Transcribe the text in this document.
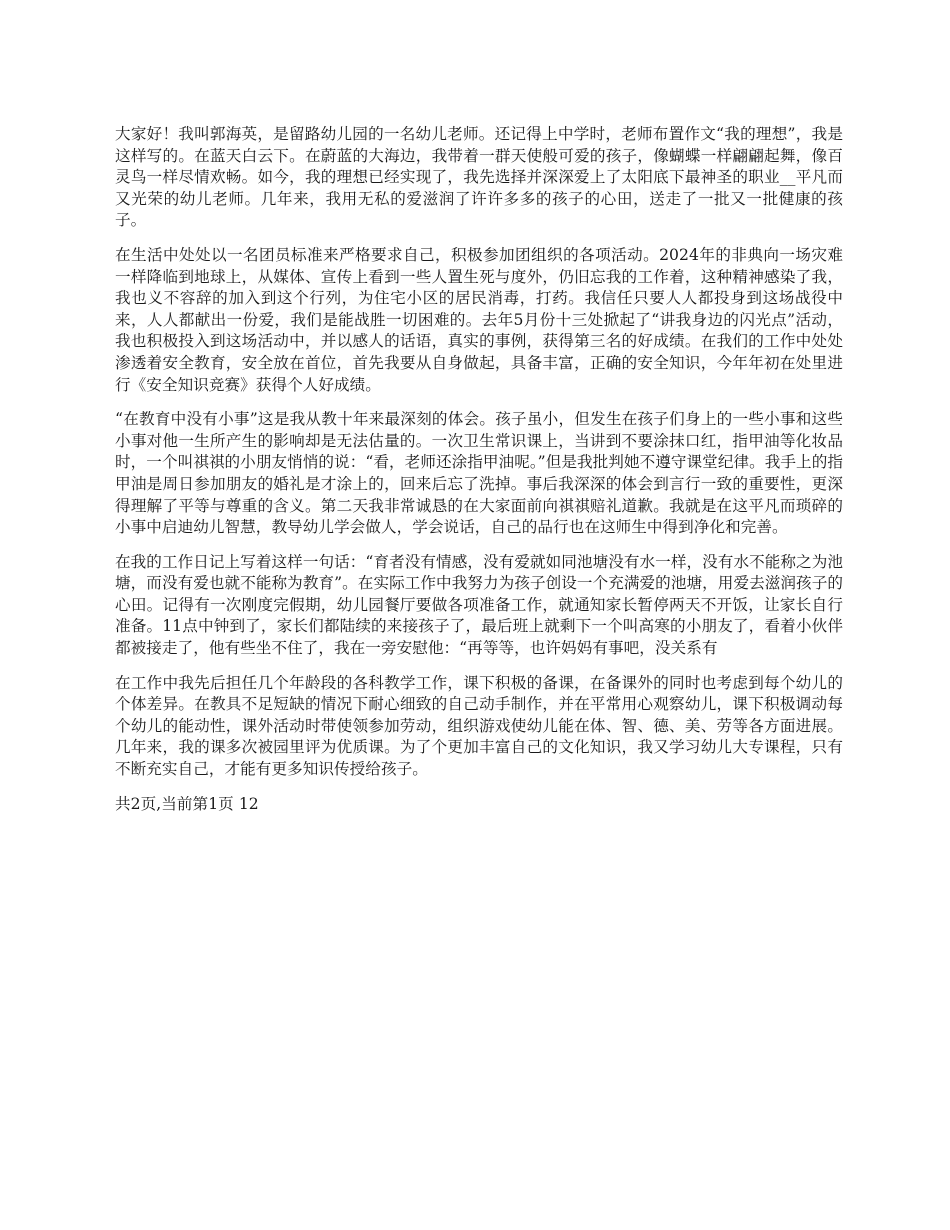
大家好！我叫郭海英，是留路幼儿园的一名幼儿老师。还记得上中学时，老师布置作文“我的理想”，我是这样写的。在蓝天白云下。在蔚蓝的大海边，我带着一群天使般可爱的孩子，像蝴蝶一样翩翩起舞，像百灵鸟一样尽情欢畅。如今，我的理想已经实现了，我先选择并深深爱上了太阳底下最神圣的职业__平凡而又光荣的幼儿老师。几年来，我用无私的爱滋润了许许多多的孩子的心田，送走了一批又一批健康的孩子。

在生活中处处以一名团员标准来严格要求自己，积极参加团组织的各项活动。2024年的非典向一场灾难一样降临到地球上，从媒体、宣传上看到一些人置生死与度外，仍旧忘我的工作着，这种精神感染了我，我也义不容辞的加入到这个行列，为住宅小区的居民消毒，打药。我信任只要人人都投身到这场战役中来，人人都献出一份爱，我们是能战胜一切困难的。去年5月份十三处掀起了“讲我身边的闪光点”活动，我也积极投入到这场活动中，并以感人的话语，真实的事例，获得第三名的好成绩。在我们的工作中处处渗透着安全教育，安全放在首位，首先我要从自身做起，具备丰富，正确的安全知识，今年年初在处里进行《安全知识竞赛》获得个人好成绩。

“在教育中没有小事”这是我从教十年来最深刻的体会。孩子虽小，但发生在孩子们身上的一些小事和这些小事对他一生所产生的影响却是无法估量的。一次卫生常识课上，当讲到不要涂抹口红，指甲油等化妆品时，一个叫祺祺的小朋友悄悄的说：“看，老师还涂指甲油呢。”但是我批判她不遵守课堂纪律。我手上的指甲油是周日参加朋友的婚礼是才涂上的，回来后忘了洗掉。事后我深深的体会到言行一致的重要性，更深得理解了平等与尊重的含义。第二天我非常诚恳的在大家面前向祺祺赔礼道歉。我就是在这平凡而琐碎的小事中启迪幼儿智慧，教导幼儿学会做人，学会说话，自己的品行也在这师生中得到净化和完善。

在我的工作日记上写着这样一句话：“育者没有情感，没有爱就如同池塘没有水一样，没有水不能称之为池塘，而没有爱也就不能称为教育”。在实际工作中我努力为孩子创设一个充满爱的池塘，用爱去滋润孩子的心田。记得有一次刚度完假期，幼儿园餐厅要做各项准备工作，就通知家长暂停两天不开饭，让家长自行准备。11点中钟到了，家长们都陆续的来接孩子了，最后班上就剩下一个叫高寒的小朋友了，看着小伙伴都被接走了，他有些坐不住了，我在一旁安慰他：“再等等，也许妈妈有事吧，没关系有

在工作中我先后担任几个年龄段的各科教学工作，课下积极的备课，在备课外的同时也考虑到每个幼儿的个体差异。在教具不足短缺的情况下耐心细致的自己动手制作，并在平常用心观察幼儿，课下积极调动每个幼儿的能动性，课外活动时带使领参加劳动，组织游戏使幼儿能在体、智、德、美、劳等各方面进展。几年来，我的课多次被园里评为优质课。为了个更加丰富自己的文化知识，我又学习幼儿大专课程，只有不断充实自己，才能有更多知识传授给孩子。

共2页,当前第1页 12
